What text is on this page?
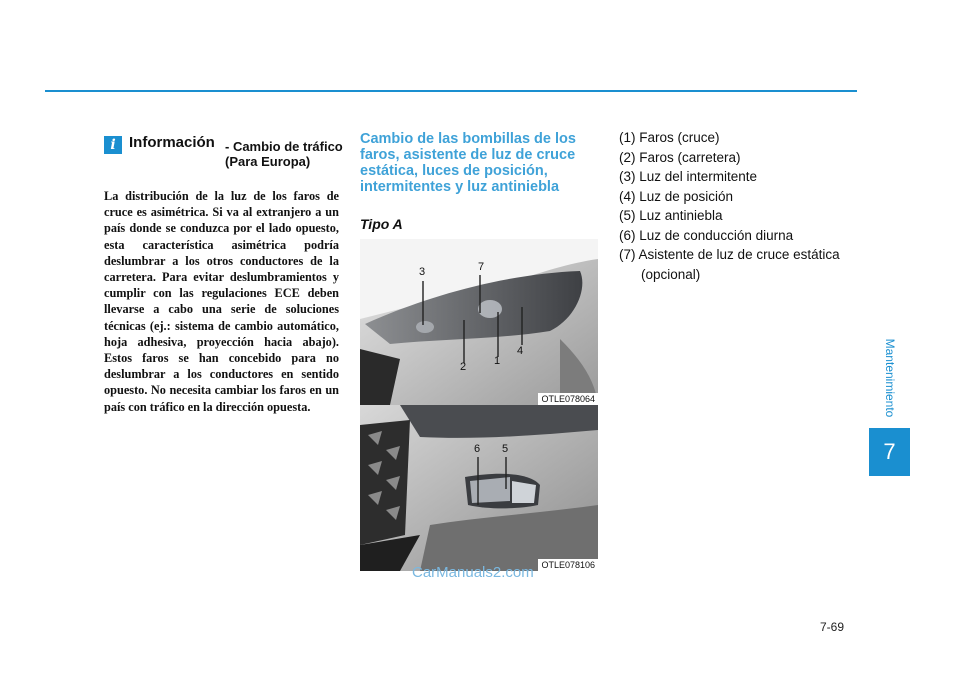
i Información - Cambio de tráfico (Para Europa)

La distribución de la luz de los faros de cruce es asimétrica. Si va al extranjero a un país donde se conduzca por el lado opuesto, esta característica asimétrica podría deslumbrar a los otros conductores de la carretera. Para evitar deslumbramientos y cumplir con las regulaciones ECE deben llevarse a cabo una serie de soluciones técnicas (ej.: sistema de cambio automático, hoja adhesiva, proyección hacia abajo). Estos faros se han concebido para no deslumbrar a los conductores en sentido opuesto. No necesita cambiar los faros en un país con tráfico en la dirección opuesta.

Cambio de las bombillas de los faros, asistente de luz de cruce estática, luces de posición, intermitentes y luz antiniebla
Tipo A
3	7
2	1
4
OTLE078064
6 5
OTLE078106
CarManuals2.com
(1) Faros (cruce)
(2) Faros (carretera)
(3) Luz del intermitente
(4) Luz de posición
(5) Luz antiniebla
(6) Luz de conducción diurna
(7) Asistente de luz de cruce estática (opcional)
Mantenimiento
7
7-69
